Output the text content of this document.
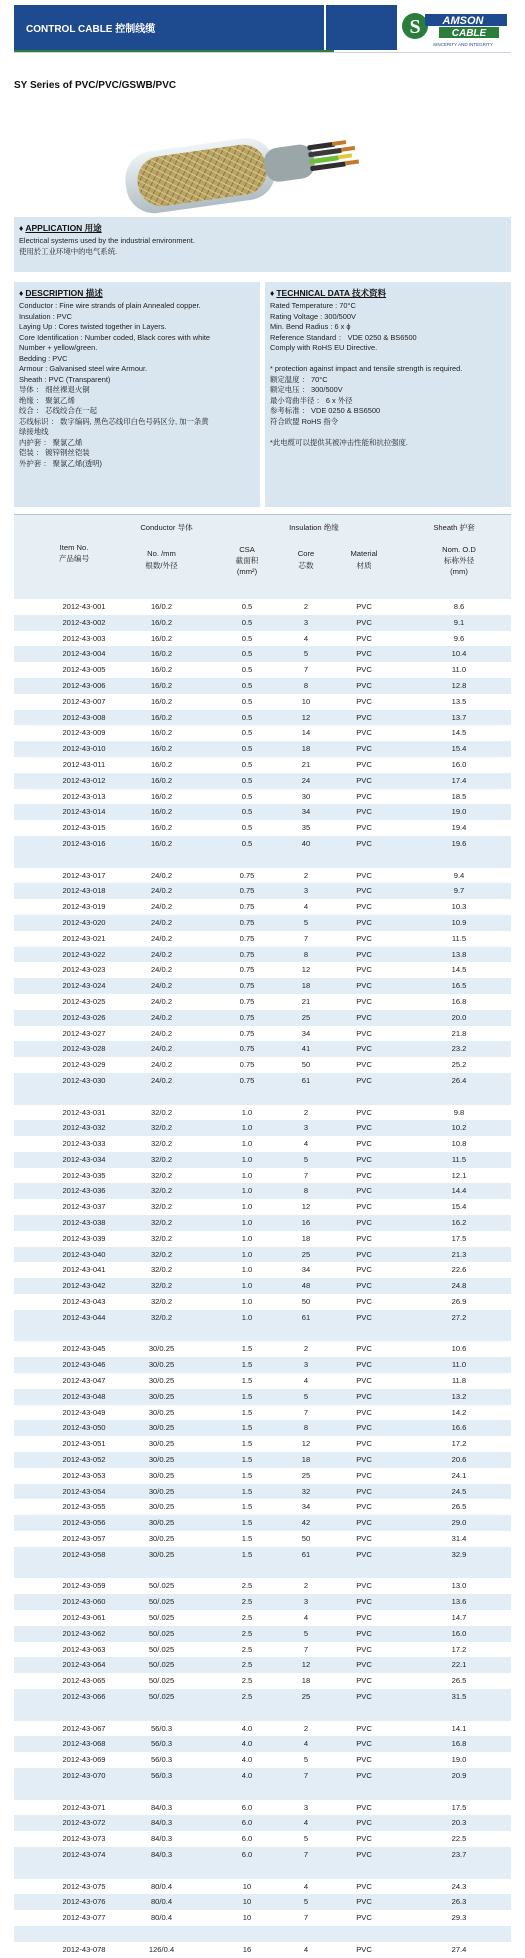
CONTROL CABLE 控制线缆	S AMSON
CABLE
SINCERITY AND INTEGRITY
SY Series of PVC/PVC/GSWB/PVC
♦ APPLICATION 用途
Electrical systems used by the industrial environment.
使用於工业环境中的电气系统.
♦ DESCRIPTION 描述
Conductor : Fine wire strands of plain Annealed copper.
Insulation : PVC
Laying Up : Cores twisted together in Layers.
Core Identification : Number coded, Black cores with white
Number + yellow/green.
Bedding : PVC
Armour : Galvanised steel wire Armour.
Sheath : PVC (Transparent)
导体 ： 细丝裸退火铜
绝缘 ： 聚氯乙烯
绞合 ： 芯线绞合在一起
芯线标识 ： 数字编码, 黑色芯线印白色号码区分, 加一条黄
绿接地线
内护套 ： 聚氯乙烯
铠装 ： 镀锌钢丝铠装
外护套 ： 聚氯乙烯(透明)
♦ TECHNICAL DATA 技术资料
Rated Temperature : 70°C
Rating Voltage : 300/500V
Min. Bend Radius : 6 x ϕ
Reference Standard ： VDE 0250 & BS6500
Comply with RoHS EU Directive.
* protection against impact and tensile strength is required.
额定温度 ： 70°C
额定电压 ： 300/500V
最小弯曲半径 ： 6 x 外径
参考标准 ： VDE 0250 & BS6500
符合欧盟 RoHS 指令
*此电缆可以提供其被冲击性能和抗拉强度.
Conductor 导体	Insulation 绝缘	Sheath 护套
Item No.
产品编号
No. /mm
根数/外径
CSA
截面积
(mm²)
Core
芯数
Material
材质
Nom. O.D
标称外径
(mm)
2012-43-001	16/0.2	0.5	2	PVC	8.6
2012-43-002	16/0.2	0.5	3	PVC	9.1
2012-43-003	16/0.2	0.5	4	PVC	9.6
2012-43-004	16/0.2	0.5	5	PVC	10.4
2012-43-005	16/0.2	0.5	7	PVC	11.0
2012-43-006	16/0.2	0.5	8	PVC	12.8
2012-43-007	16/0.2	0.5	10	PVC	13.5
2012-43-008	16/0.2	0.5	12	PVC	13.7
2012-43-009	16/0.2	0.5	14	PVC	14.5
2012-43-010	16/0.2	0.5	18	PVC	15.4
2012-43-011	16/0.2	0.5	21	PVC	16.0
2012-43-012	16/0.2	0.5	24	PVC	17.4
2012-43-013	16/0.2	0.5	30	PVC	18.5
2012-43-014	16/0.2	0.5	34	PVC	19.0
2012-43-015	16/0.2	0.5	35	PVC	19.4
2012-43-016	16/0.2	0.5	40	PVC	19.6
2012-43-017	24/0.2	0.75	2	PVC	9.4
2012-43-018	24/0.2	0.75	3	PVC	9.7
2012-43-019	24/0.2	0.75	4	PVC	10.3
2012-43-020	24/0.2	0.75	5	PVC	10.9
2012-43-021	24/0.2	0.75	7	PVC	11.5
2012-43-022	24/0.2	0.75	8	PVC	13.8
2012-43-023	24/0.2	0.75	12	PVC	14.5
2012-43-024	24/0.2	0.75	18	PVC	16.5
2012-43-025	24/0.2	0.75	21	PVC	16.8
2012-43-026	24/0.2	0.75	25	PVC	20.0
2012-43-027	24/0.2	0.75	34	PVC	21.8
2012-43-028	24/0.2	0.75	41	PVC	23.2
2012-43-029	24/0.2	0.75	50	PVC	25.2
2012-43-030	24/0.2	0.75	61	PVC	26.4
2012-43-031	32/0.2	1.0	2	PVC	9.8
2012-43-032	32/0.2	1.0	3	PVC	10.2
2012-43-033	32/0.2	1.0	4	PVC	10.8
2012-43-034	32/0.2	1.0	5	PVC	11.5
2012-43-035	32/0.2	1.0	7	PVC	12.1
2012-43-036	32/0.2	1.0	8	PVC	14.4
2012-43-037	32/0.2	1.0	12	PVC	15.4
2012-43-038	32/0.2	1.0	16	PVC	16.2
2012-43-039	32/0.2	1.0	18	PVC	17.5
2012-43-040	32/0.2	1.0	25	PVC	21.3
2012-43-041	32/0.2	1.0	34	PVC	22.6
2012-43-042	32/0.2	1.0	48	PVC	24.8
2012-43-043	32/0.2	1.0	50	PVC	26.9
2012-43-044	32/0.2	1.0	61	PVC	27.2
2012-43-045	30/0.25	1.5	2	PVC	10.6
2012-43-046	30/0.25	1.5	3	PVC	11.0
2012-43-047	30/0.25	1.5	4	PVC	11.8
2012-43-048	30/0.25	1.5	5	PVC	13.2
2012-43-049	30/0.25	1.5	7	PVC	14.2
2012-43-050	30/0.25	1.5	8	PVC	16.6
2012-43-051	30/0.25	1.5	12	PVC	17.2
2012-43-052	30/0.25	1.5	18	PVC	20.6
2012-43-053	30/0.25	1.5	25	PVC	24.1
2012-43-054	30/0.25	1.5	32	PVC	24.5
2012-43-055	30/0.25	1.5	34	PVC	26.5
2012-43-056	30/0.25	1.5	42	PVC	29.0
2012-43-057	30/0.25	1.5	50	PVC	31.4
2012-43-058	30/0.25	1.5	61	PVC	32.9
2012-43-059	50/.025	2.5	2	PVC	13.0
2012-43-060	50/.025	2.5	3	PVC	13.6
2012-43-061	50/.025	2.5	4	PVC	14.7
2012-43-062	50/.025	2.5	5	PVC	16.0
2012-43-063	50/.025	2.5	7	PVC	17.2
2012-43-064	50/.025	2.5	12	PVC	22.1
2012-43-065	50/.025	2.5	18	PVC	26.5
2012-43-066	50/.025	2.5	25	PVC	31.5
2012-43-067	56/0.3	4.0	2	PVC	14.1
2012-43-068	56/0.3	4.0	4	PVC	16.8
2012-43-069	56/0.3	4.0	5	PVC	19.0
2012-43-070	56/0.3	4.0	7	PVC	20.9
2012-43-071	84/0.3	6.0	3	PVC	17.5
2012-43-072	84/0.3	6.0	4	PVC	20.3
2012-43-073	84/0.3	6.0	5	PVC	22.5
2012-43-074	84/0.3	6.0	7	PVC	23.7
2012-43-075	80/0.4	10	4	PVC	24.3
2012-43-076	80/0.4	10	5	PVC	26.3
2012-43-077	80/0.4	10	7	PVC	29.3
2012-43-078	126/0.4	16	4	PVC	27.4
